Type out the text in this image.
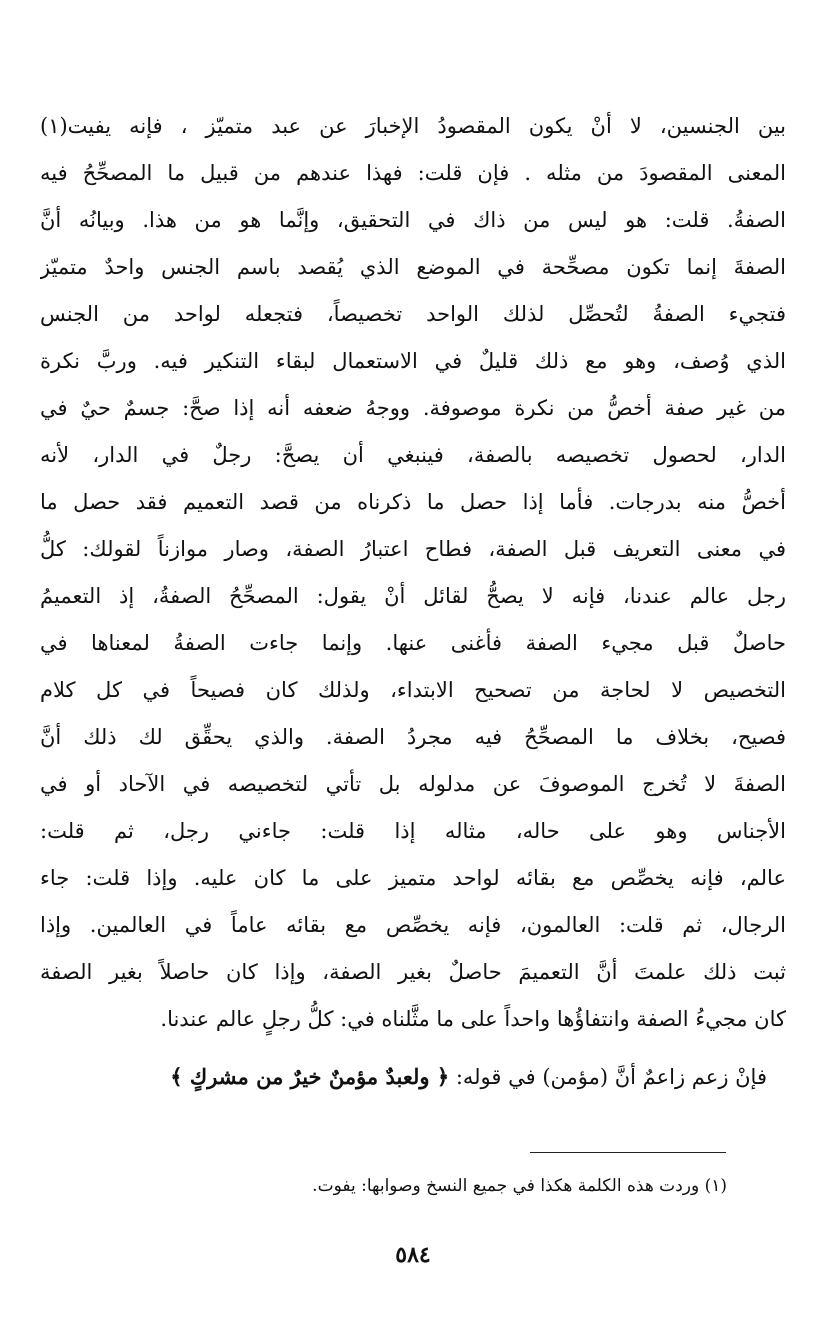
بين الجنسين، لا أنْ يكون المقصودُ الإخبارَ عن عبد متميّز ، فإنه يفيت(١)
المعنى المقصودَ من مثله . فإن قلت: فهذا عندهم من قبيل ما المصحِّحُ فيه
الصفةُ. قلت: هو ليس من ذاك في التحقيق، وإنَّما هو من هذا. وبيانُه أنَّ
الصفةَ إنما تكون مصحِّحة في الموضع الذي يُقصد باسم الجنس واحدٌ متميّز
فتجيء الصفةُ لتُحصِّل لذلك الواحد تخصيصاً، فتجعله لواحد من الجنس
الذي وُصف، وهو مع ذلك قليلٌ في الاستعمال لبقاء التنكير فيه. وربَّ نكرة
من غير صفة أخصُّ من نكرة موصوفة. ووجهُ ضعفه أنه إذا صحَّ: جسمٌ حيٌ في
الدار، لحصول تخصيصه بالصفة، فينبغي أن يصحَّ: رجلٌ في الدار، لأنه
أخصُّ منه بدرجات. فأما إذا حصل ما ذكرناه من قصد التعميم فقد حصل ما
في معنى التعريف قبل الصفة، فطاح اعتبارُ الصفة، وصار موازناً لقولك: كلُّ
رجل عالم عندنا، فإنه لا يصحُّ لقائل أنْ يقول: المصحِّحُ الصفةُ، إذ التعميمُ
حاصلٌ قبل مجيء الصفة فأغنى عنها. وإنما جاءت الصفةُ لمعناها في
التخصيص لا لحاجة من تصحيح الابتداء، ولذلك كان فصيحاً في كل كلام
فصيح، بخلاف ما المصحِّحُ فيه مجردُ الصفة. والذي يحقِّق لك ذلك أنَّ
الصفةَ لا تُخرج الموصوفَ عن مدلوله بل تأتي لتخصيصه في الآحاد أو في
الأجناس وهو على حاله، مثاله إذا قلت: جاءني رجل، ثم قلت:
عالم، فإنه يخصِّص مع بقائه لواحد متميز على ما كان عليه. وإذا قلت: جاء
الرجال، ثم قلت: العالمون، فإنه يخصِّص مع بقائه عاماً في العالمين. وإذا
ثبت ذلك علمتَ أنَّ التعميمَ حاصلٌ بغير الصفة، وإذا كان حاصلاً بغير الصفة
كان مجيءُ الصفة وانتفاؤُها واحداً على ما مثَّلناه في: كلُّ رجلٍ عالم عندنا.
فإنْ زعم زاعمٌ أنَّ (مؤمن) في قوله: ﴿ ولعبدٌ مؤمنٌ خيرٌ من مشركٍ ﴾
(١) وردت هذه الكلمة هكذا في جميع النسخ وصوابها: يفوت.
٥٨٤
